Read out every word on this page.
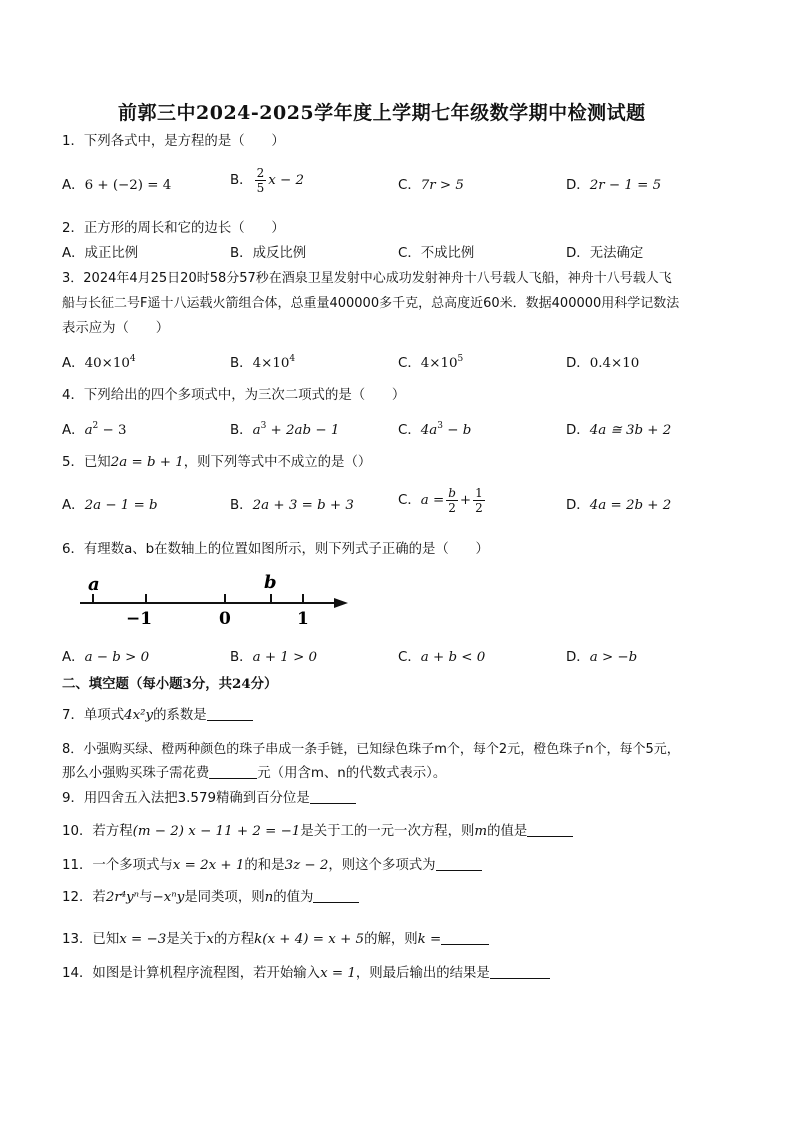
前郭三中2024-2025学年度上学期七年级数学期中检测试题
1．下列各式中，是方程的是（　　）
A．6 + (−2) = 4	B． $\frac{2}{5}$ x − 2	C．7r > 5	D．2r − 1 = 5
2．正方形的周长和它的边长（　　）
A．成正比例	B．成反比例	C．不成比例	D．无法确定
3．2024年4月25日20时58分57秒在酒泉卫星发射中心成功发射神舟十八号载人飞船，神舟十八号载人飞
船与长征二号F遥十八运载火箭组合体，总重量400000多千克，总高度近60米．数据400000用科学记数法
表示应为（　　）
A．$40\times 10^4$	B．$4\times 10^4$	C．$4\times 10^5$	D．0.4×10
4．下列给出的四个多项式中，为三次二项式的是（　　）
A．$a^2 - 3$	B．$a^3 + 2ab - 1$	C．$4a^3 - b$	D．4a ≅ 3b + 2
5．已知2a = b + 1，则下列等式中不成立的是（）
A．2a − 1 = b	B．2a + 3 = b + 3	C．$a = \frac{b}{2} + \frac{1}{2}$	D．4a = 2b + 2
6．有理数a、b在数轴上的位置如图所示，则下列式子正确的是（　　）
a	b
−1	0	1
A．a − b > 0	B．a + 1 > 0	C．a + b < 0	D．a > −b
二、填空题（每小题3分，共24分）
7．单项式4x²y的系数是
8．小强购买绿、橙两种颜色的珠子串成一条手链，已知绿色珠子m个，每个2元，橙色珠子n个，每个5元，
那么小强购买珠子需花费	元（用含m、n的代数式表示）。
9．用四舍五入法把3.579精确到百分位是
10．若方程(m − 2) x − 11 + 2 = −1是关于工的一元一次方程，则m的值是
11．一个多项式与x = 2x + 1的和是3z − 2，则这个多项式为
12．若2r⁴yⁿ与−xⁿy是同类项，则n的值为
13．已知x = −3是关于x的方程k(x + 4) = x + 5的解，则k =
14．如图是计算机程序流程图，若开始输入x = 1，则最后输出的结果是
